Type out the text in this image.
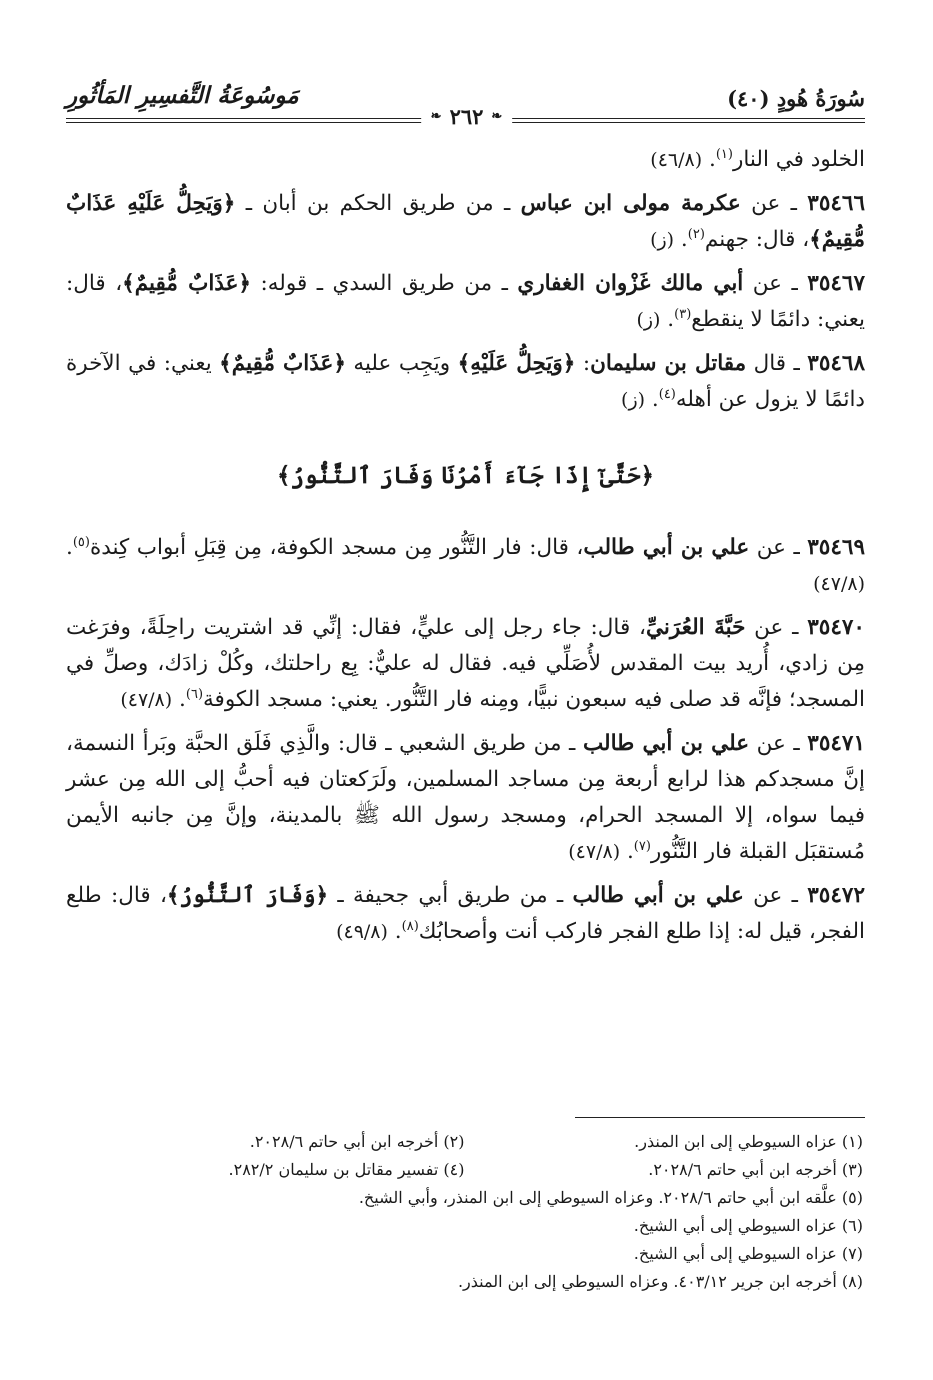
سُورَةُ هُودٍ (٤٠)
مَوسُوعَةُ التَّفسِيرِ المَأثُورِ
❧
٢٦٢
❧

الخلود في النار$^{(١)}$. (٤٦/٨)

٣٥٤٦٦ ـ عن عكرمة مولى ابن عباس ـ من طريق الحكم بن أبان ـ ﴿وَيَحِلُّ عَلَيْهِ عَذَابٌ مُّقِيمٌ﴾، قال: جهنم$^{(٢)}$. (ز)

٣٥٤٦٧ ـ عن أبي مالك غَزْوان الغفاري ـ من طريق السدي ـ قوله: ﴿عَذَابٌ مُّقِيمٌ﴾، قال: يعني: دائمًا لا ينقطع$^{(٣)}$. (ز)

٣٥٤٦٨ ـ قال مقاتل بن سليمان: ﴿وَيَحِلُّ عَلَيْهِ﴾ ويَجِب عليه ﴿عَذَابٌ مُّقِيمٌ﴾ يعني: في الآخرة دائمًا لا يزول عن أهله$^{(٤)}$. (ز)

﴿حَتَّىٰٓ إِذَا جَآءَ أَمْرُنَا وَفَارَ ٱلتَّنُّورُ﴾

٣٥٤٦٩ ـ عن علي بن أبي طالب، قال: فار التَّنُّور مِن مسجد الكوفة، مِن قِبَلِ أبواب كِندة$^{(٥)}$. (٤٧/٨)

٣٥٤٧٠ ـ عن حَبَّةَ العُرَنيِّ، قال: جاء رجل إلى عليٍّ، فقال: إنِّي قد اشتريت راحِلَةً، وفرَغت مِن زادي، أُريد بيت المقدس لأُصَلِّي فيه. فقال له عليٌّ: بِع راحلتك، وكُلْ زادَك، وصلِّ في المسجد؛ فإنَّه قد صلى فيه سبعون نبيًّا، ومِنه فار التَّنُّور. يعني: مسجد الكوفة$^{(٦)}$. (٤٧/٨)

٣٥٤٧١ ـ عن علي بن أبي طالب ـ من طريق الشعبي ـ قال: والَّذِي فَلَق الحبَّة وبَرأ النسمة، إنَّ مسجدكم هذا لرابع أربعة مِن مساجد المسلمين، ولَرَكعتان فيه أحبُّ إلى الله مِن عشر فيما سواه، إلا المسجد الحرام، ومسجد رسول الله ﷺ بالمدينة، وإنَّ مِن جانبه الأيمن مُستقبَل القبلة فار التَّنُّور$^{(٧)}$. (٤٧/٨)

٣٥٤٧٢ ـ عن علي بن أبي طالب ـ من طريق أبي جحيفة ـ ﴿وَفَارَ ٱلتَّنُّورُ﴾، قال: طلع الفجر، قيل له: إذا طلع الفجر فاركب أنت وأصحابُك$^{(٨)}$. (٤٩/٨)

(١) عزاه السيوطي إلى ابن المنذر.
(٢) أخرجه ابن أبي حاتم ٢٠٢٨/٦.
(٣) أخرجه ابن أبي حاتم ٢٠٢٨/٦.
(٤) تفسير مقاتل بن سليمان ٢٨٢/٢.
(٥) علَّقه ابن أبي حاتم ٢٠٢٨/٦. وعزاه السيوطي إلى ابن المنذر، وأبي الشيخ.
(٦) عزاه السيوطي إلى أبي الشيخ.
(٧) عزاه السيوطي إلى أبي الشيخ.
(٨) أخرجه ابن جرير ٤٠٣/١٢. وعزاه السيوطي إلى ابن المنذر.
